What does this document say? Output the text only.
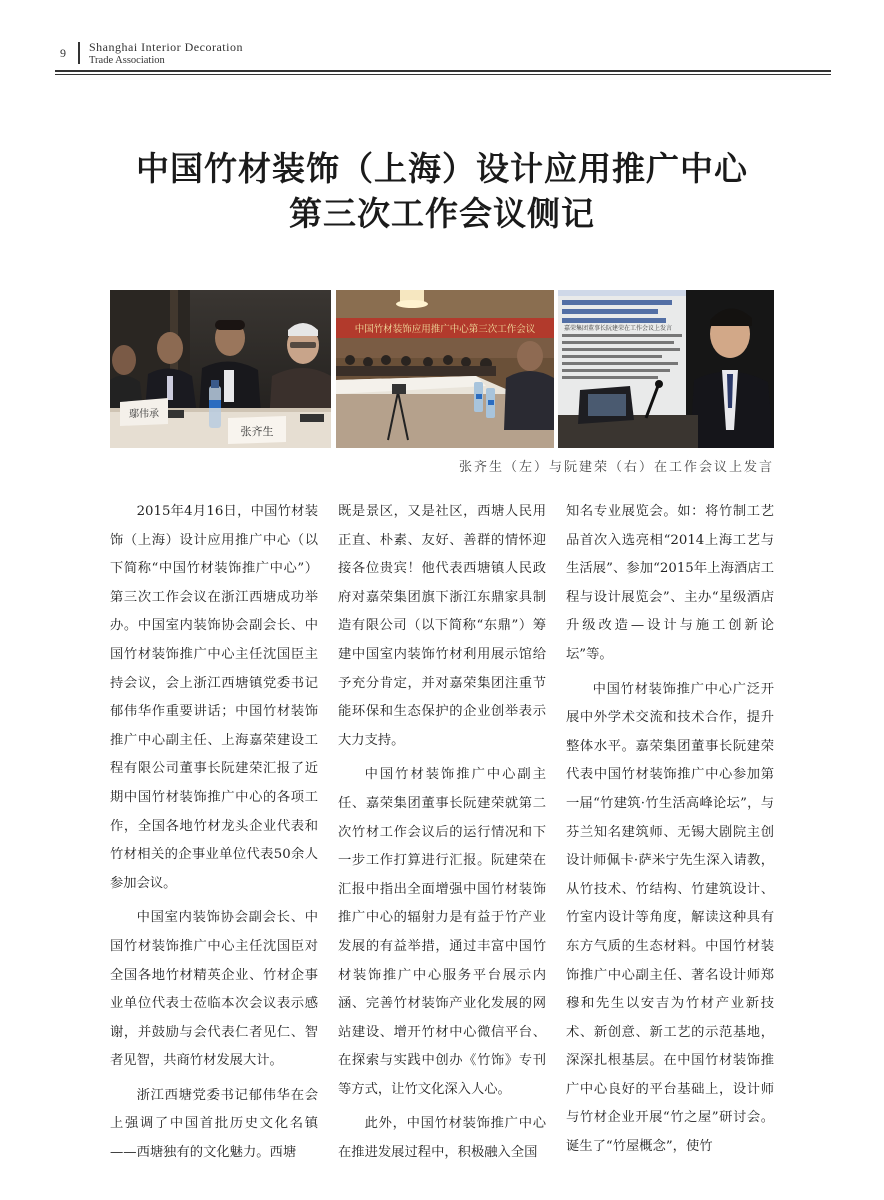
9 Shanghai Interior Decoration
Trade Association
中国竹材装饰（上海）设计应用推广中心
第三次工作会议侧记
鄢伟承
张齐生
中国竹材装饰应用推广中心第三次工作会议	嘉荣集团董事长阮建荣在工作会议上发言
张齐生（左）与阮建荣（右）在工作会议上发言

2015年4月16日，中国竹材装饰（上海）设计应用推广中心（以下简称“中国竹材装饰推广中心”）第三次工作会议在浙江西塘成功举办。中国室内装饰协会副会长、中国竹材装饰推广中心主任沈国臣主持会议，会上浙江西塘镇党委书记郁伟华作重要讲话；中国竹材装饰推广中心副主任、上海嘉荣建设工程有限公司董事长阮建荣汇报了近期中国竹材装饰推广中心的各项工作，全国各地竹材龙头企业代表和竹材相关的企事业单位代表50余人参加会议。

中国室内装饰协会副会长、中国竹材装饰推广中心主任沈国臣对全国各地竹材精英企业、竹材企事业单位代表士莅临本次会议表示感谢，并鼓励与会代表仁者见仁、智者见智，共商竹材发展大计。

浙江西塘党委书记郁伟华在会上强调了中国首批历史文化名镇——西塘独有的文化魅力。西塘

既是景区，又是社区，西塘人民用正直、朴素、友好、善群的情怀迎接各位贵宾！他代表西塘镇人民政府对嘉荣集团旗下浙江东鼎家具制造有限公司（以下简称“东鼎”）筹建中国室内装饰竹材利用展示馆给予充分肯定，并对嘉荣集团注重节能环保和生态保护的企业创举表示大力支持。

中国竹材装饰推广中心副主任、嘉荣集团董事长阮建荣就第二次竹材工作会议后的运行情况和下一步工作打算进行汇报。阮建荣在汇报中指出全面增强中国竹材装饰推广中心的辐射力是有益于竹产业发展的有益举措，通过丰富中国竹材装饰推广中心服务平台展示内涵、完善竹材装饰产业化发展的网站建设、增开竹材中心微信平台、在探索与实践中创办《竹饰》专刊等方式，让竹文化深入人心。

此外，中国竹材装饰推广中心在推进发展过程中，积极融入全国

知名专业展览会。如：将竹制工艺品首次入选亮相“2014上海工艺与生活展”、参加“2015年上海酒店工程与设计展览会”、主办“星级酒店升级改造—设计与施工创新论坛”等。

中国竹材装饰推广中心广泛开展中外学术交流和技术合作，提升整体水平。嘉荣集团董事长阮建荣代表中国竹材装饰推广中心参加第一届“竹建筑·竹生活高峰论坛”，与芬兰知名建筑师、无锡大剧院主创设计师佩卡·萨米宁先生深入请教，从竹技术、竹结构、竹建筑设计、竹室内设计等角度，解读这种具有东方气质的生态材料。中国竹材装饰推广中心副主任、著名设计师郑穆和先生以安吉为竹材产业新技术、新创意、新工艺的示范基地，深深扎根基层。在中国竹材装饰推广中心良好的平台基础上，设计师与竹材企业开展“竹之屋”研讨会。诞生了“竹屋概念”，使竹
